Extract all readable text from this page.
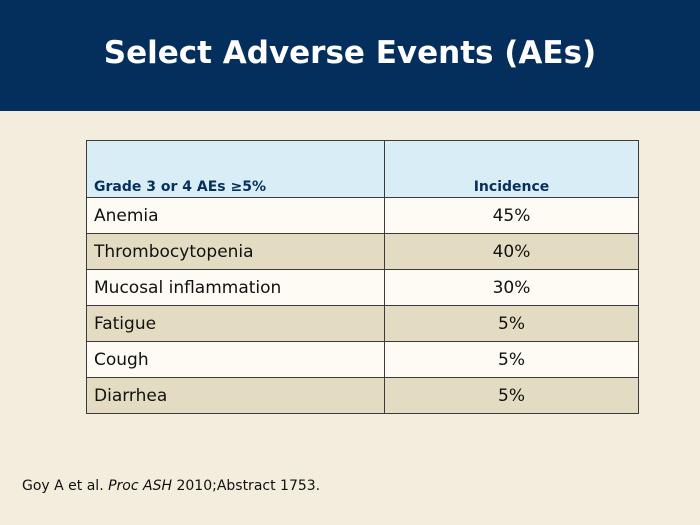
Select Adverse Events (AEs)
Grade 3 or 4 AEs ≥5%	Incidence
Anemia	45%
Thrombocytopenia	40%
Mucosal inflammation	30%
Fatigue	5%
Cough	5%
Diarrhea	5%
Goy A et al. Proc ASH 2010;Abstract 1753.
